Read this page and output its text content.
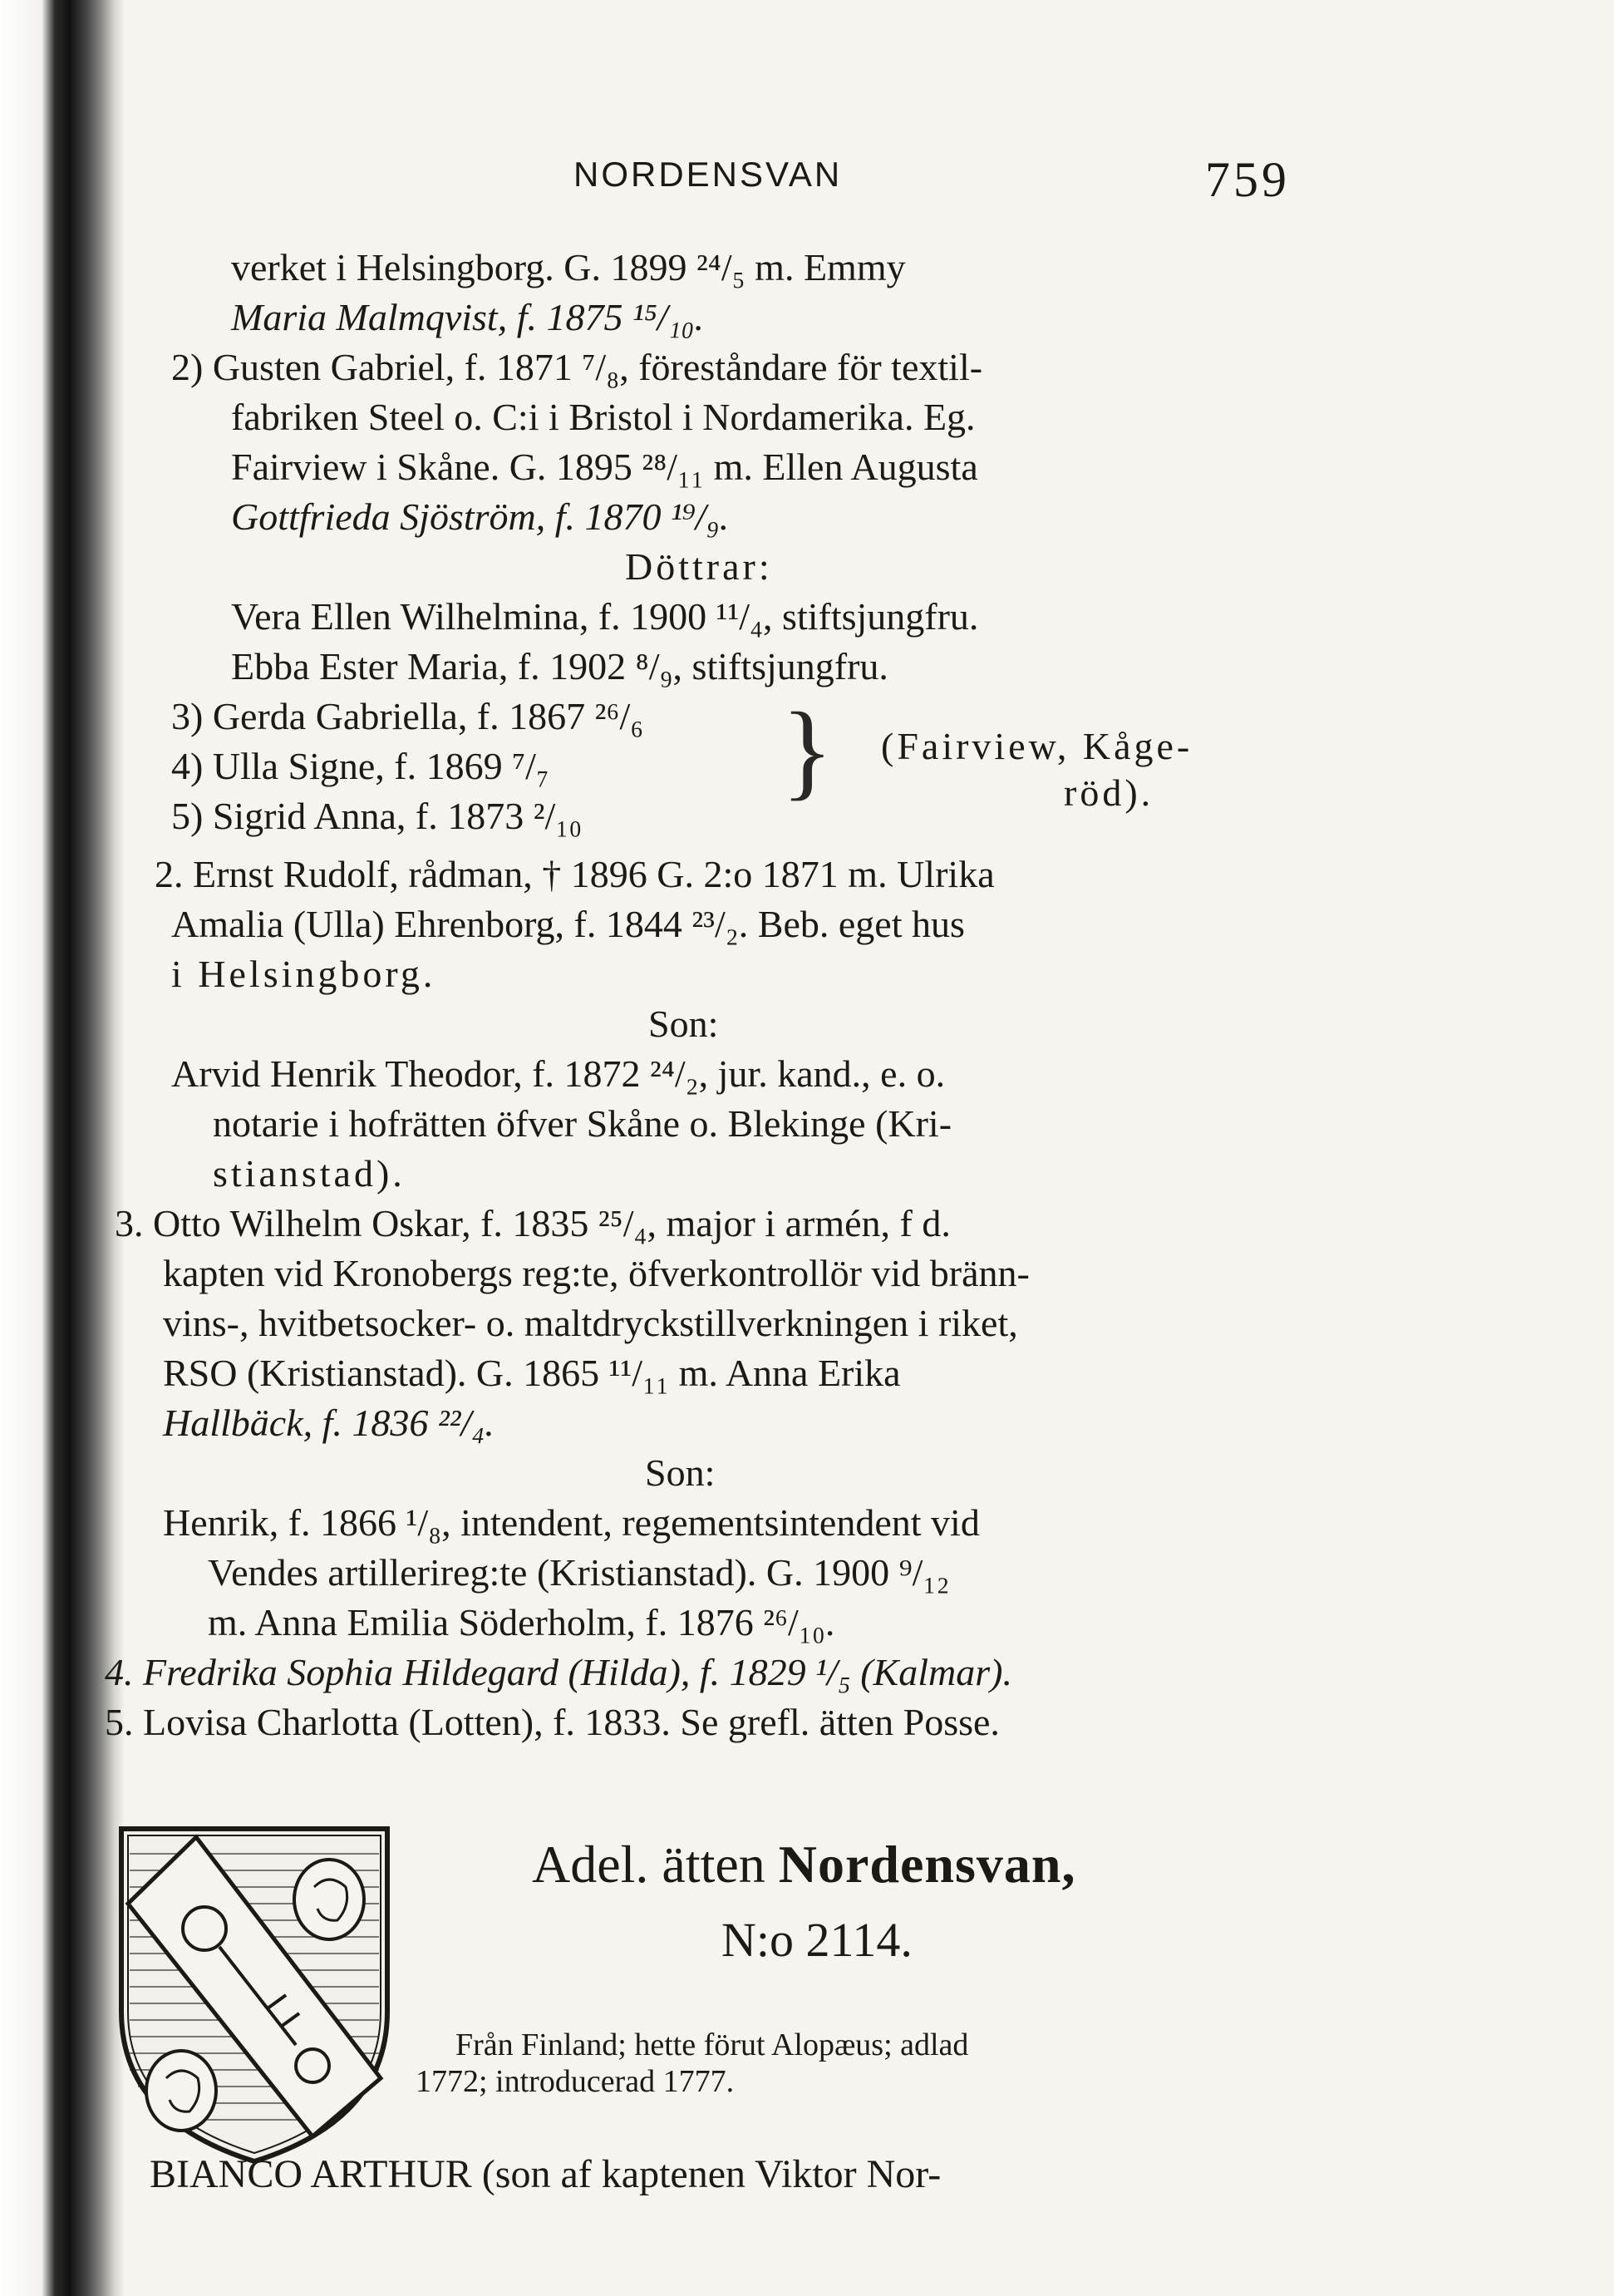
NORDENSVAN	759
verket i Helsingborg. G. 1899 ²⁴/₅ m. Emmy
Maria Malmqvist, f. 1875 ¹⁵/₁₀.
2) Gusten Gabriel, f. 1871 ⁷/₈, föreståndare för textil-
fabriken Steel o. C:i i Bristol i Nordamerika. Eg.
Fairview i Skåne. G. 1895 ²⁸/₁₁ m. Ellen Augusta
Gottfrieda Sjöström, f. 1870 ¹⁹/₉.
Döttrar:
Vera Ellen Wilhelmina, f. 1900 ¹¹/₄, stiftsjungfru.
Ebba Ester Maria, f. 1902 ⁸/₉, stiftsjungfru.
3) Gerda Gabriella, f. 1867 ²⁶/₆
4) Ulla Signe, f. 1869 ⁷/₇
5) Sigrid Anna, f. 1873 ²/₁₀
} (Fairview, Kåge-
röd).
2. Ernst Rudolf, rådman, † 1896 G. 2:o 1871 m. Ulrika
Amalia (Ulla) Ehrenborg, f. 1844 ²³/₂. Beb. eget hus
i Helsingborg.
Son:
Arvid Henrik Theodor, f. 1872 ²⁴/₂, jur. kand., e. o.
notarie i hofrätten öfver Skåne o. Blekinge (Kri-
stianstad).
3. Otto Wilhelm Oskar, f. 1835 ²⁵/₄, major i armén, f d.
kapten vid Kronobergs reg:te, öfverkontrollör vid bränn-
vins-, hvitbetsocker- o. maltdryckstillverkningen i riket,
RSO (Kristianstad). G. 1865 ¹¹/₁₁ m. Anna Erika
Hallbäck, f. 1836 ²²/₄.
Son:
Henrik, f. 1866 ¹/₈, intendent, regementsintendent vid
Vendes artillerireg:te (Kristianstad). G. 1900 ⁹/₁₂
m. Anna Emilia Söderholm, f. 1876 ²⁶/₁₀.
4. Fredrika Sophia Hildegard (Hilda), f. 1829 ¹/₅ (Kalmar).
5. Lovisa Charlotta (Lotten), f. 1833. Se grefl. ätten Posse.
Adel. ätten Nordensvan,
N:o 2114.
Från Finland; hette förut Alopæus; adlad
1772; introducerad 1777.
BIANCO ARTHUR (son af kaptenen Viktor Nor-
